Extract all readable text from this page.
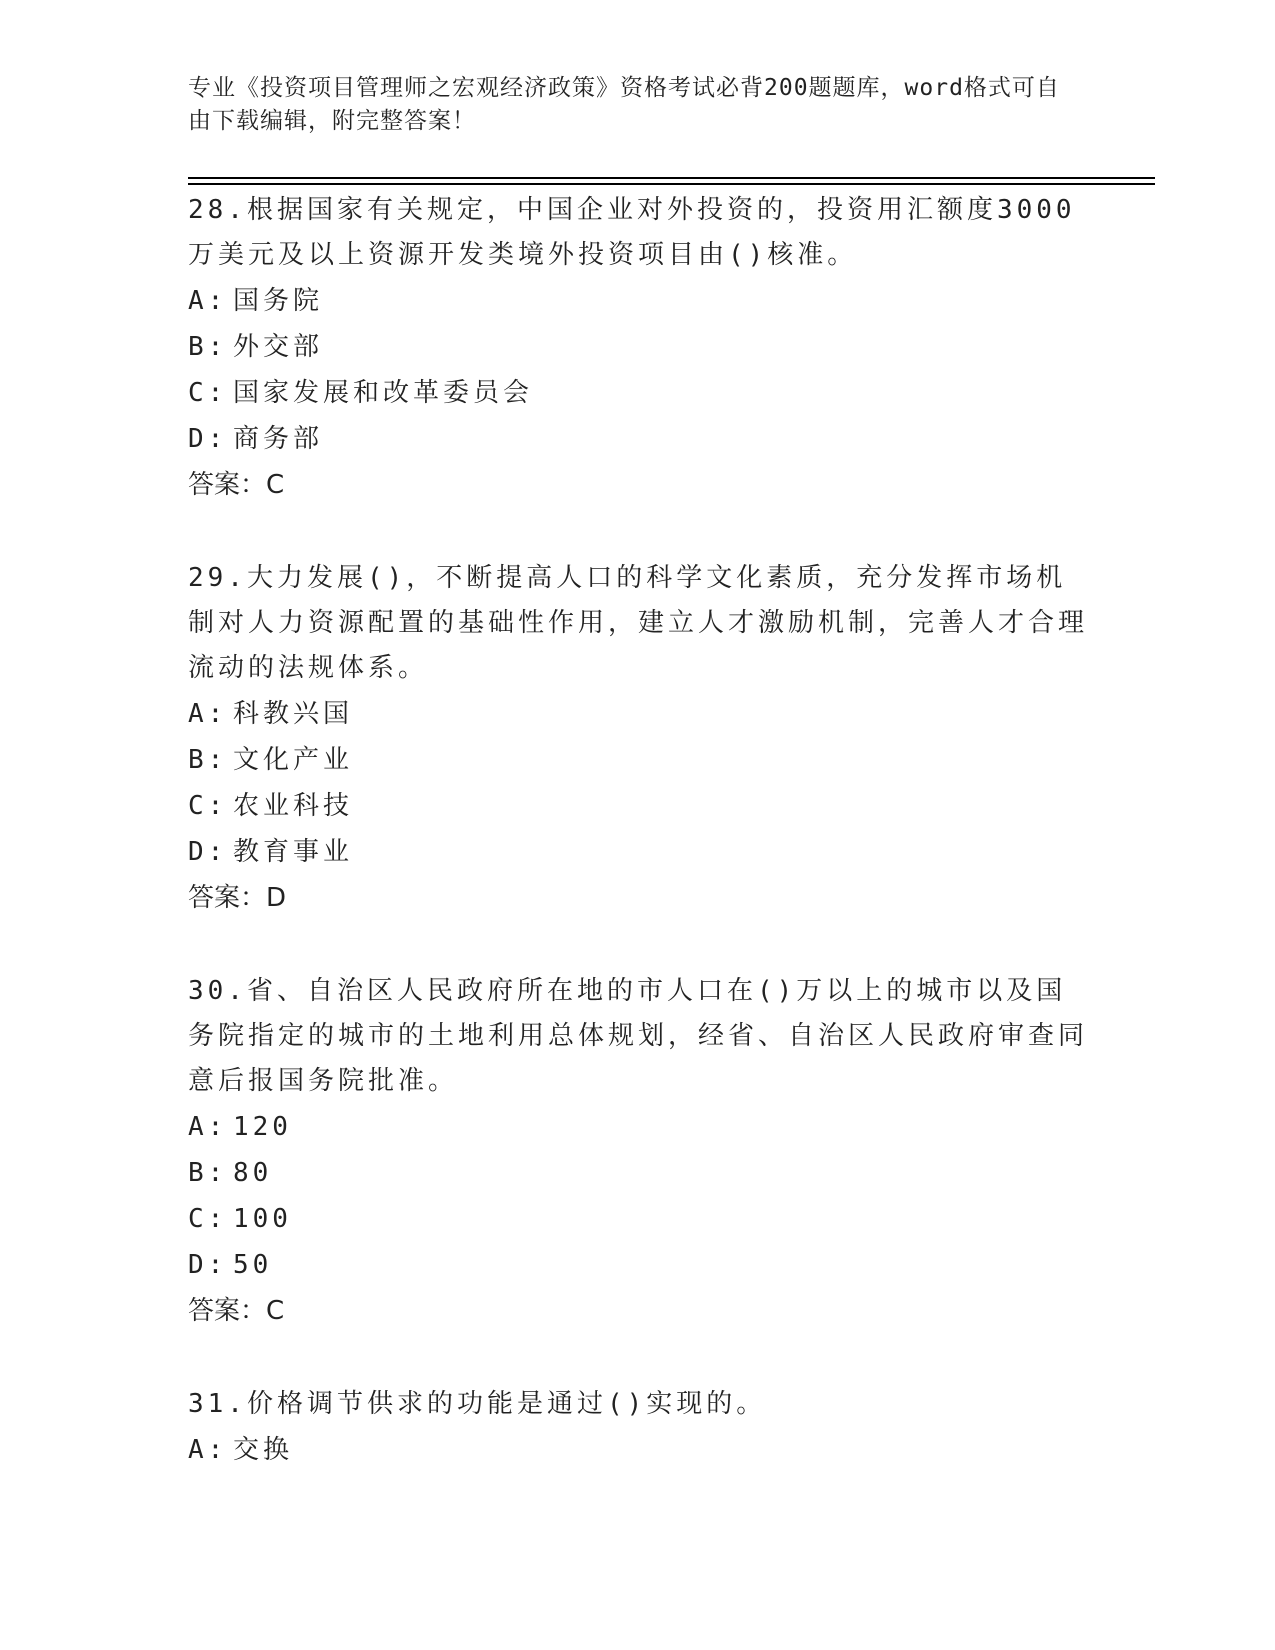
专业《投资项目管理师之宏观经济政策》资格考试必背200题题库，word格式可自由下载编辑，附完整答案！

28.根据国家有关规定，中国企业对外投资的，投资用汇额度3000万美元及以上资源开发类境外投资项目由()核准。

A: 国务院

B: 外交部

C: 国家发展和改革委员会

D: 商务部

答案：C

29.大力发展()，不断提高人口的科学文化素质，充分发挥市场机制对人力资源配置的基础性作用，建立人才激励机制，完善人才合理流动的法规体系。

A: 科教兴国

B: 文化产业

C: 农业科技

D: 教育事业

答案：D

30.省、自治区人民政府所在地的市人口在()万以上的城市以及国务院指定的城市的土地利用总体规划，经省、自治区人民政府审查同意后报国务院批准。

A: 120

B: 80

C: 100

D: 50

答案：C

31.价格调节供求的功能是通过()实现的。

A: 交换
